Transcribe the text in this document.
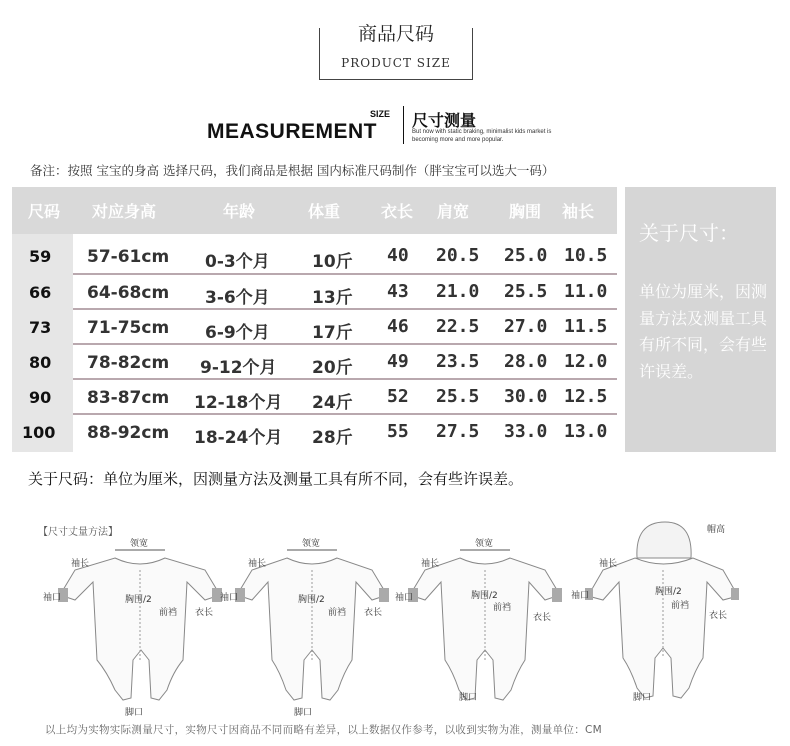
商品尺码
PRODUCT SIZE
MEASUREMENT
SIZE 尺寸测量
But now with static braking, minimalist kids market is becoming more and more popular.
备注：按照 宝宝的身高 选择尺码，我们商品是根据 国内标准尺码制作（胖宝宝可以选大一码）
尺码 对应身高	年龄	体重	衣长 肩宽 胸围 袖长
59 57-61cm 0-3个月 10斤 40 20.5 25.0 10.5
66 64-68cm 3-6个月 13斤 43 21.0 25.5 11.0
73 71-75cm 6-9个月 17斤 46 22.5 27.0 11.5
80 78-82cm 9-12个月 20斤 49 23.5 28.0 12.0
90 83-87cm 12-18个月 24斤 52 25.5 30.0 12.5
100 88-92cm 18-24个月 28斤 55 27.5 33.0 13.0
关于尺寸：
单位为厘米，因测量方法及测量工具有所不同，会有些许误差。
关于尺码：单位为厘米，因测量方法及测量工具有所不同，会有些许误差。
【尺寸丈量方法】
领宽
袖长
袖口	胸围/2
前裆 衣长
脚口
领宽
袖长
袖口	胸围/2
前裆 衣长
脚口
领宽
袖长
袖口	胸围/2
前裆
衣长
脚口
帽高
袖长
袖口	胸围/2
前裆
衣长
脚口
以上均为实物实际测量尺寸，实物尺寸因商品不同而略有差异，以上数据仅作参考，以收到实物为准，测量单位：CM
